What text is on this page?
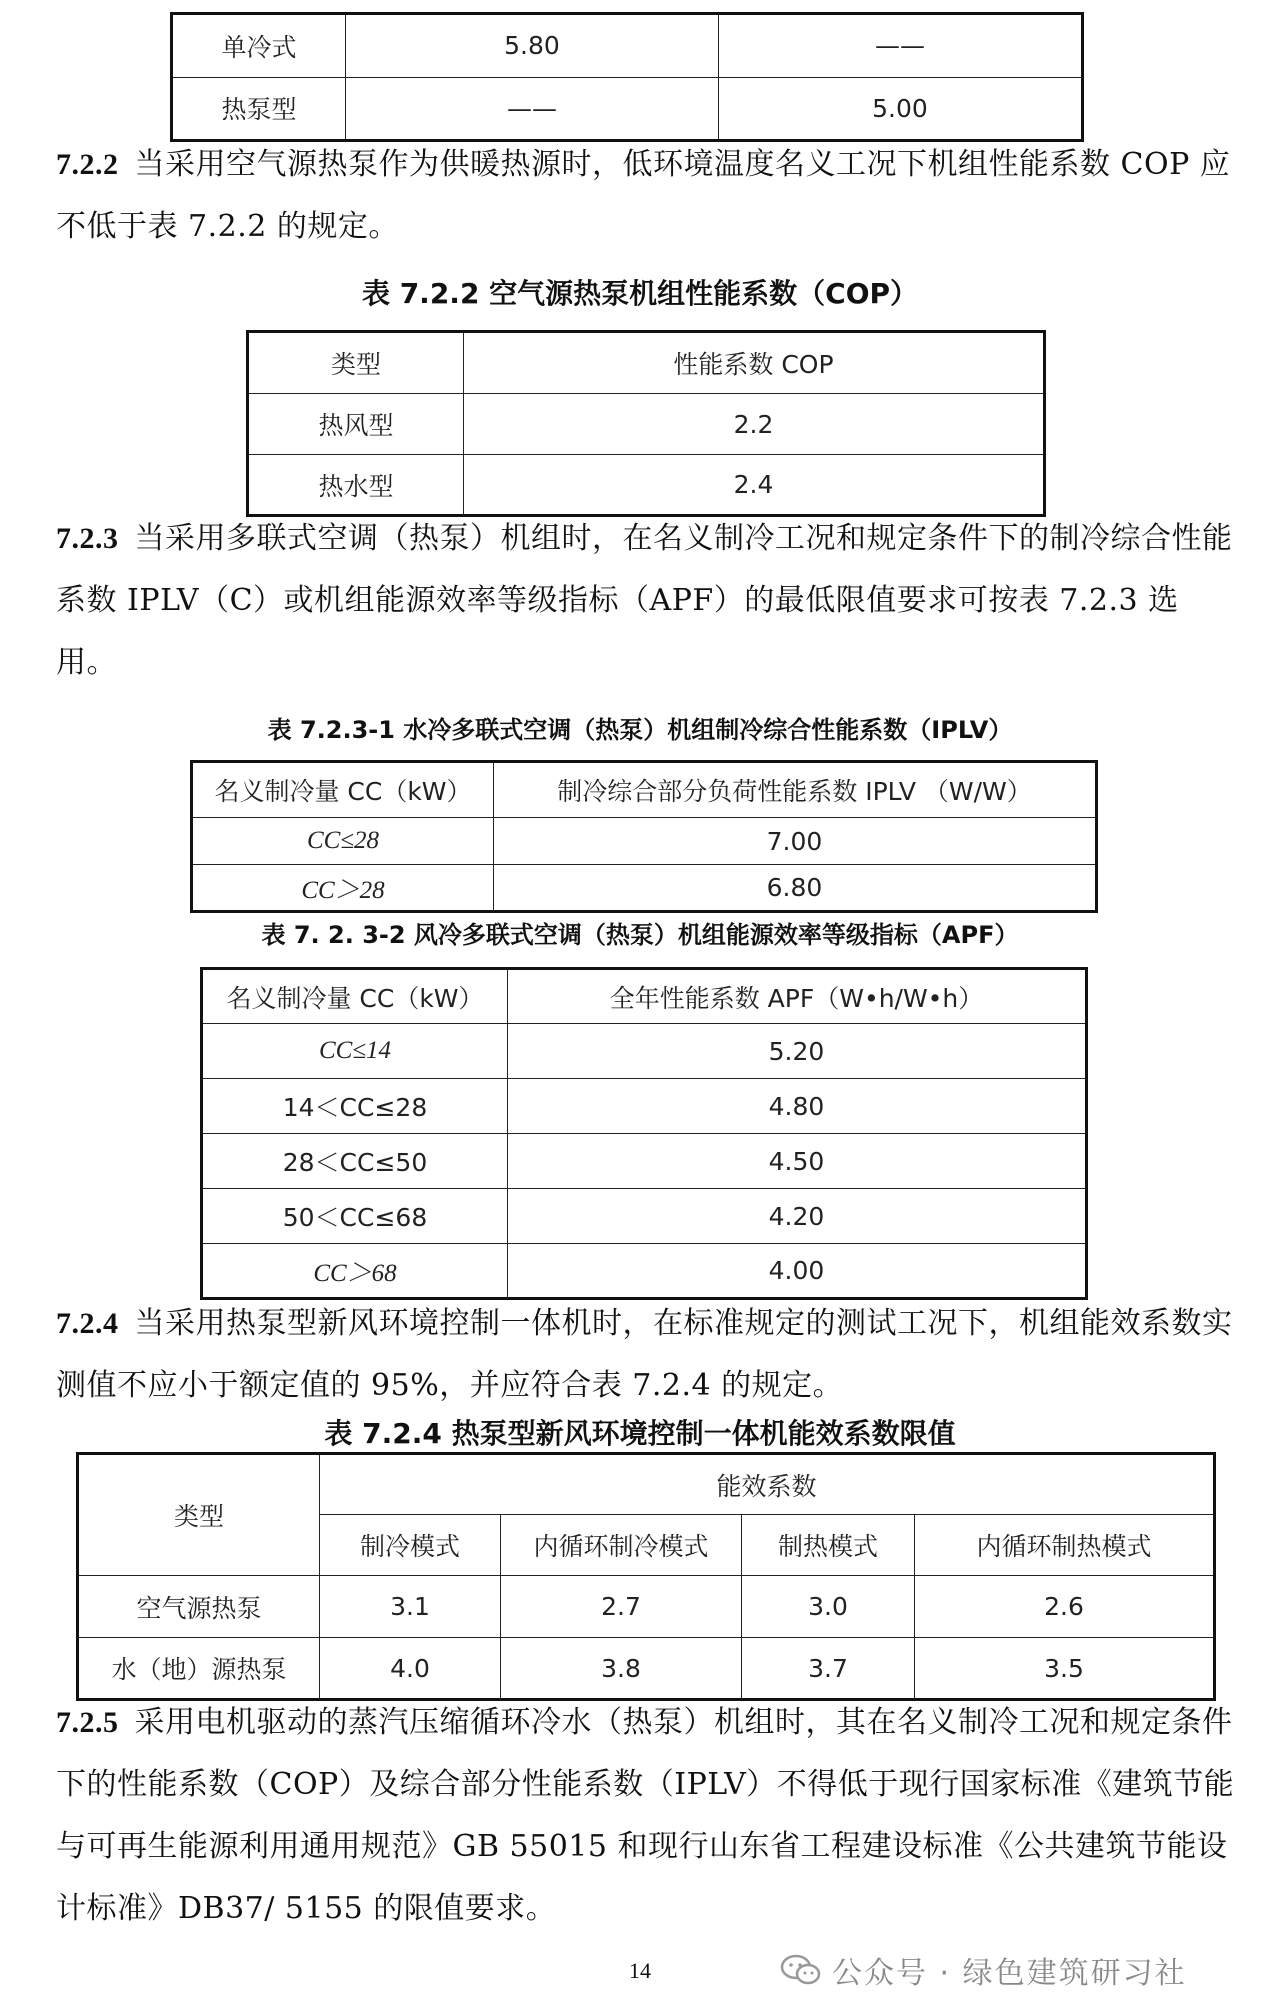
单冷式	5.80	——
热泵型	——	5.00
7.2.2 当采用空气源热泵作为供暖热源时，低环境温度名义工况下机组性能系数 COP 应不低于表 7.2.2 的规定。
表 7.2.2 空气源热泵机组性能系数（COP）
类型	性能系数 COP
热风型	2.2
热水型	2.4
7.2.3 当采用多联式空调（热泵）机组时，在名义制冷工况和规定条件下的制冷综合性能系数 IPLV（C）或机组能源效率等级指标（APF）的最低限值要求可按表 7.2.3 选用。
表 7.2.3-1 水冷多联式空调（热泵）机组制冷综合性能系数（IPLV）
名义制冷量 CC（kW）	制冷综合部分负荷性能系数 IPLV （W/W）
CC≤28	7.00
CC＞28	6.80
表 7. 2. 3-2 风冷多联式空调（热泵）机组能源效率等级指标（APF）
名义制冷量 CC（kW）	全年性能系数 APF（W•h/W•h）
CC≤14	5.20
14＜CC≤28	4.80
28＜CC≤50	4.50
50＜CC≤68	4.20
CC＞68	4.00
7.2.4 当采用热泵型新风环境控制一体机时，在标准规定的测试工况下，机组能效系数实测值不应小于额定值的 95%，并应符合表 7.2.4 的规定。
表 7.2.4 热泵型新风环境控制一体机能效系数限值
类型	能效系数			
	制冷模式	内循环制冷模式	制热模式	内循环制热模式
空气源热泵	3.1	2.7	3.0	2.6
水（地）源热泵	4.0	3.8	3.7	3.5
7.2.5 采用电机驱动的蒸汽压缩循环冷水（热泵）机组时，其在名义制冷工况和规定条件下的性能系数（COP）及综合部分性能系数（IPLV）不得低于现行国家标准《建筑节能与可再生能源利用通用规范》GB 55015 和现行山东省工程建设标准《公共建筑节能设计标准》DB37/ 5155 的限值要求。
14	公众号 · 绿色建筑研习社
